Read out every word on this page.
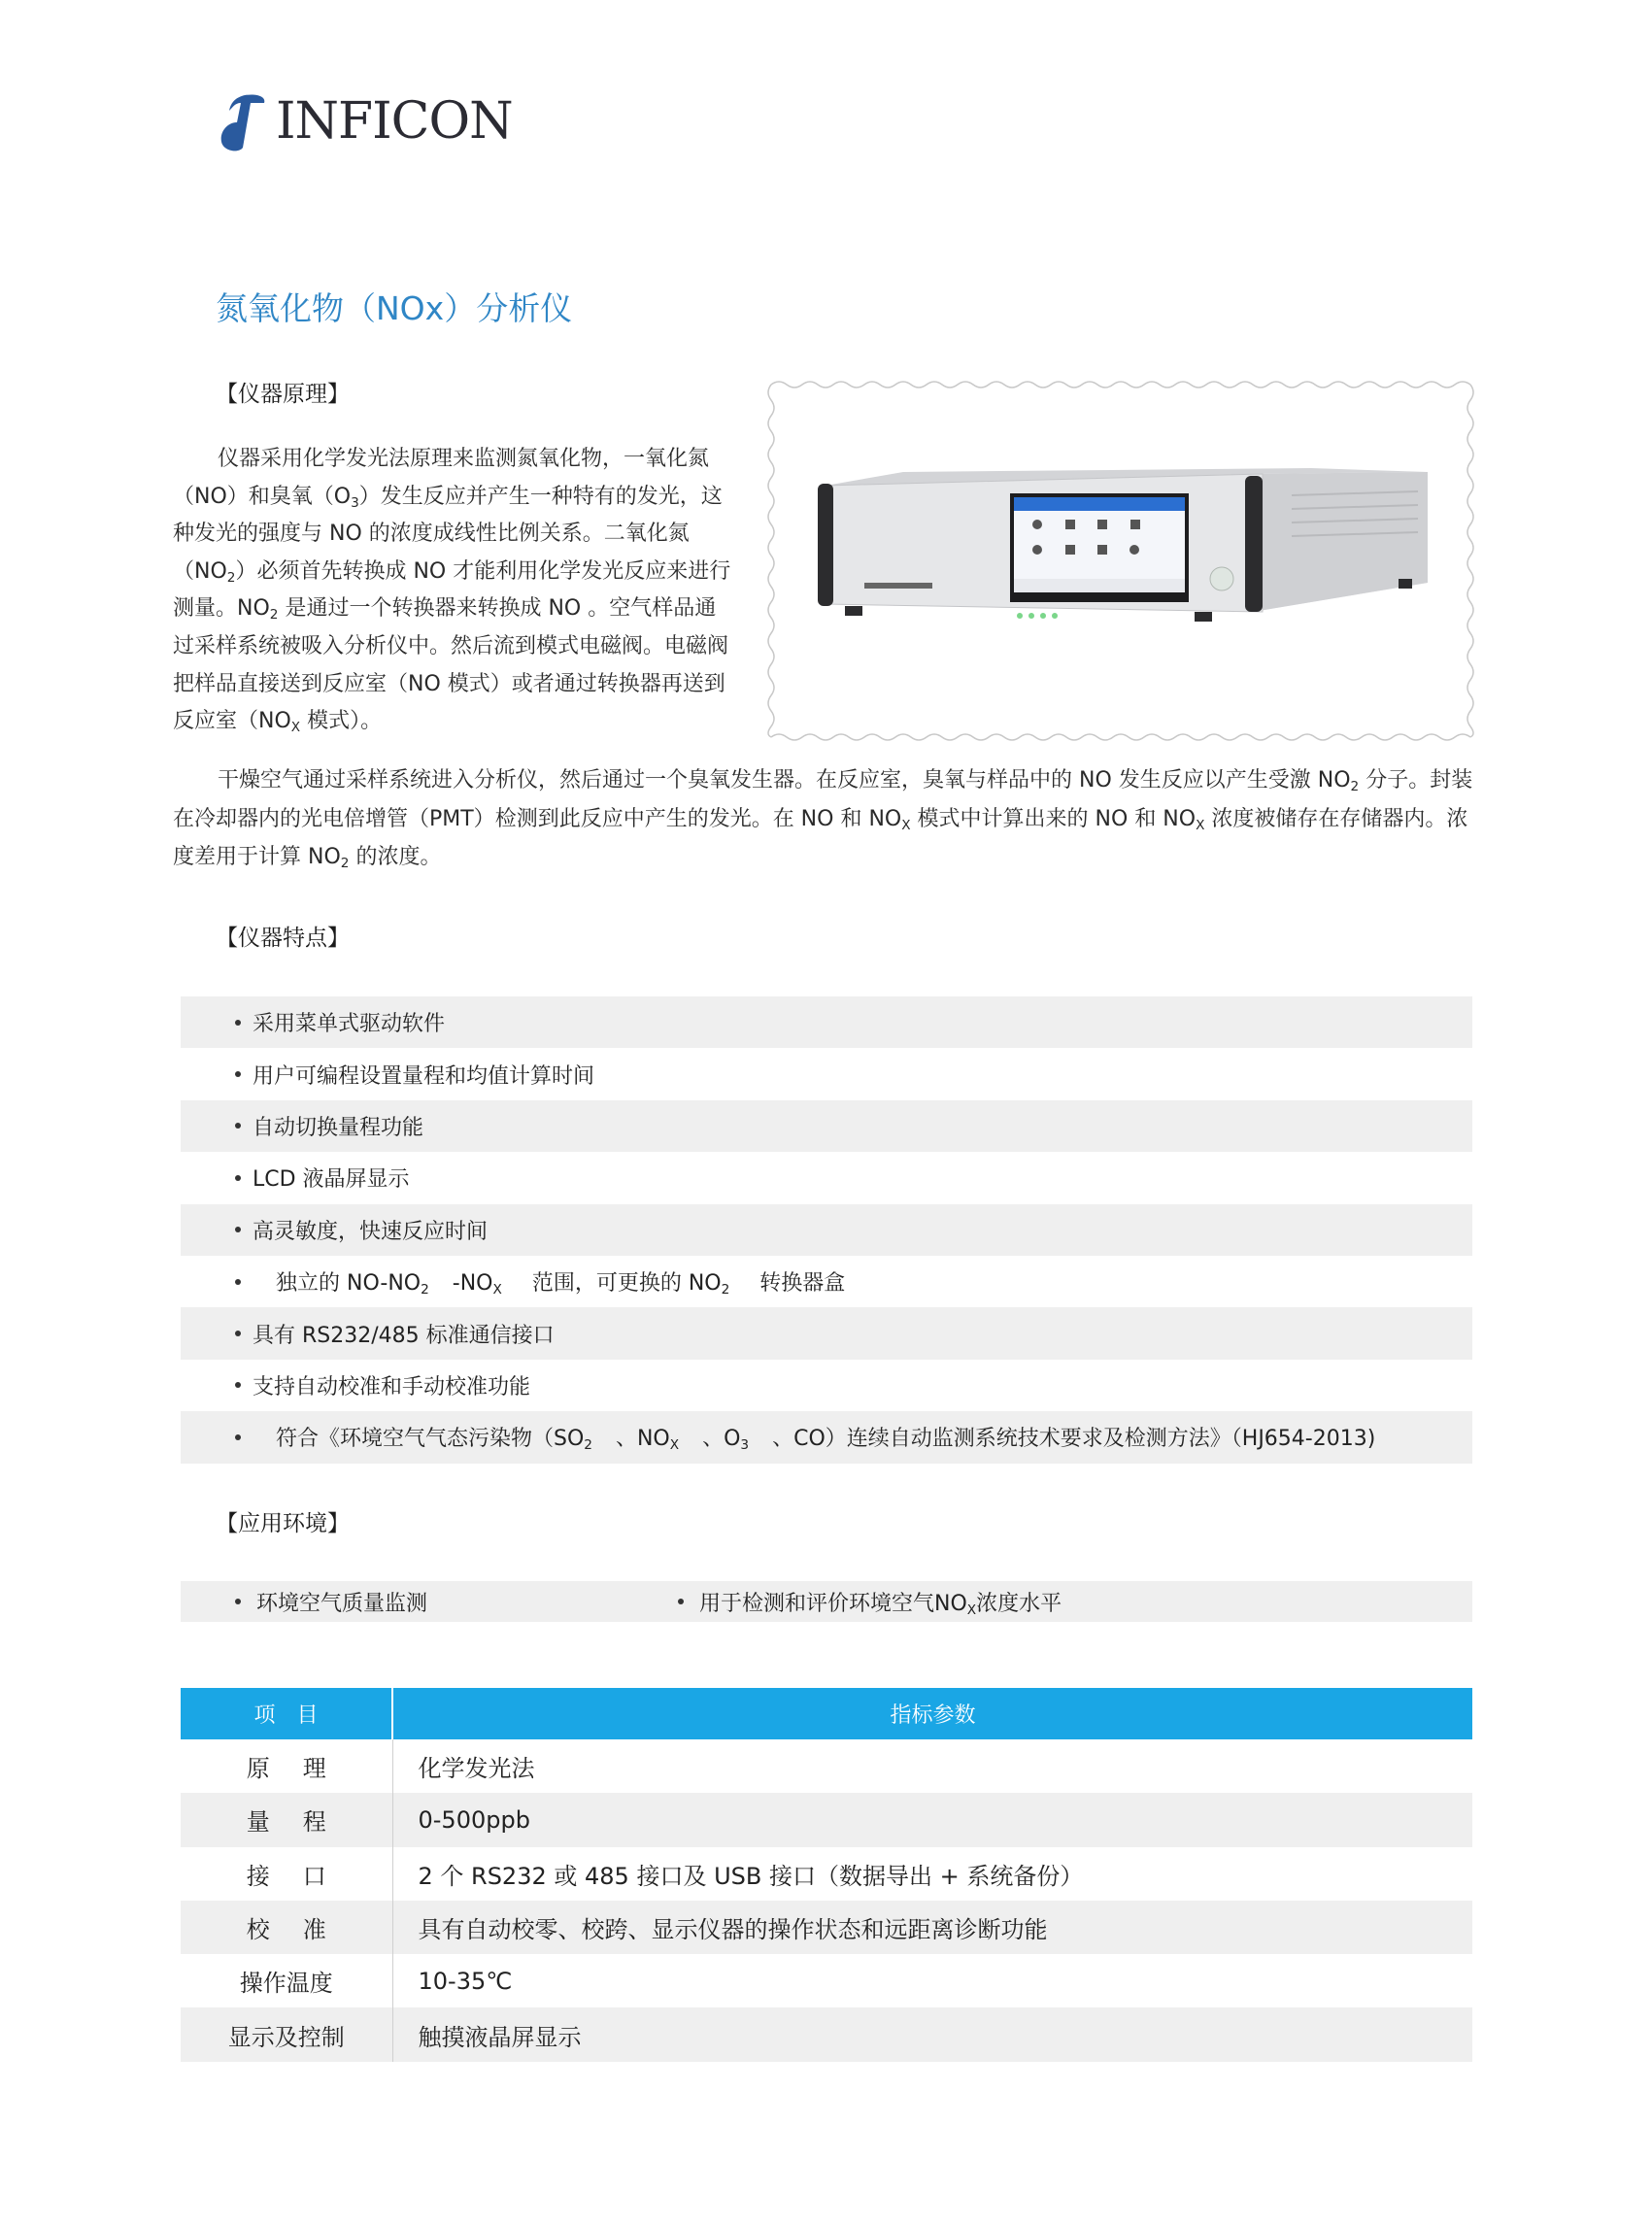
INFICON
氮氧化物（NOx）分析仪
【仪器原理】

仪器采用化学发光法原理来监测氮氧化物，一氧化氮（NO）和臭氧$(O_3)$发生反应并产生一种特有的发光，这种发光的强度与 NO 的浓度成线性比例关系。二氧化氮$(NO_2)$必须首先转换成 NO 才能利用化学发光反应来进行测量。$NO_2$ 是通过一个转换器来转换成 NO 。空气样品通过采样系统被吸入分析仪中。然后流到模式电磁阀。电磁阀把样品直接送到反应室（NO 模式）或者通过转换器再送到反应室（$NO_X$ 模式）。

干燥空气通过采样系统进入分析仪，然后通过一个臭氧发生器。在反应室，臭氧与样品中的 NO 发生反应以产生受激 $NO_2$ 分子。封装在冷却器内的光电倍增管（PMT）检测到此反应中产生的发光。在 NO 和 $NO_X$ 模式中计算出来的 NO 和 $NO_X$ 浓度被储存在存储器内。浓度差用于计算 $NO_2$ 的浓度。

【仪器特点】
采用菜单式驱动软件
用户可编程设置量程和均值计算时间
自动切换量程功能
LCD 液晶屏显示
高灵敏度，快速反应时间
独立的 $NO-NO_2$ $-NO_X$ 范围，可更换的 $NO_2$ 转换器盒
具有 RS232/485 标准通信接口
支持自动校准和手动校准功能
符合《环境空气气态污染物（$SO_2$ 、$NO_X$ 、$O_3$ 、CO）连续自动监测系统技术要求及检测方法》（HJ654-2013)
【应用环境】
环境空气质量监测	用于检测和评价环境空气$NO_X$浓度水平
项目	指标参数
原理	化学发光法
量程	0-500ppb
接口	2 个 RS232 或 485 接口及 USB 接口（数据导出 + 系统备份）
校准	具有自动校零、校跨、显示仪器的操作状态和远距离诊断功能
操作温度	10-35℃
显示及控制	触摸液晶屏显示
